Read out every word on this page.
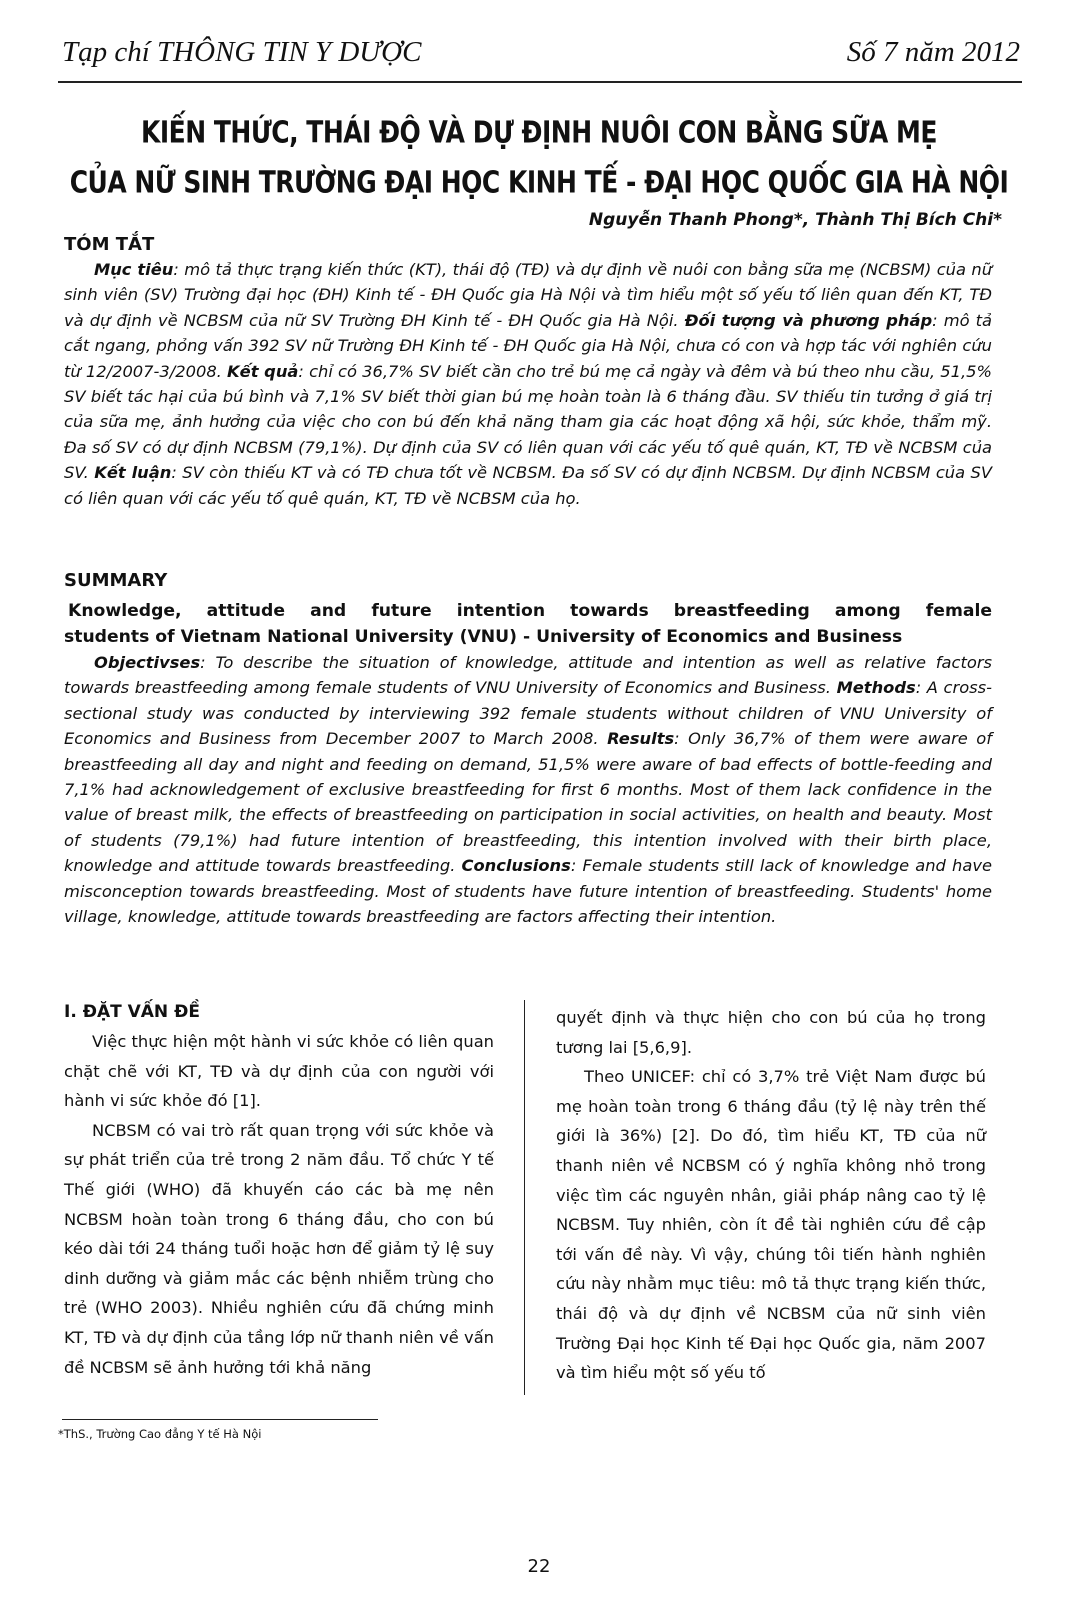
Tạp chí THÔNG TIN Y DƯỢC	Số 7 năm 2012
KIẾN THỨC, THÁI ĐỘ VÀ DỰ ĐỊNH NUÔI CON BẰNG SỮA MẸ
CỦA NỮ SINH TRƯỜNG ĐẠI HỌC KINH TẾ - ĐẠI HỌC QUỐC GIA HÀ NỘI
Nguyễn Thanh Phong*, Thành Thị Bích Chi*
TÓM TẮT

Mục tiêu: mô tả thực trạng kiến thức (KT), thái độ (TĐ) và dự định về nuôi con bằng sữa mẹ (NCBSM) của nữ sinh viên (SV) Trường đại học (ĐH) Kinh tế - ĐH Quốc gia Hà Nội và tìm hiểu một số yếu tố liên quan đến KT, TĐ và dự định về NCBSM của nữ SV Trường ĐH Kinh tế - ĐH Quốc gia Hà Nội. Đối tượng và phương pháp: mô tả cắt ngang, phỏng vấn 392 SV nữ Trường ĐH Kinh tế - ĐH Quốc gia Hà Nội, chưa có con và hợp tác với nghiên cứu từ 12/2007-3/2008. Kết quả: chỉ có 36,7% SV biết cần cho trẻ bú mẹ cả ngày và đêm và bú theo nhu cầu, 51,5% SV biết tác hại của bú bình và 7,1% SV biết thời gian bú mẹ hoàn toàn là 6 tháng đầu. SV thiếu tin tưởng ở giá trị của sữa mẹ, ảnh hưởng của việc cho con bú đến khả năng tham gia các hoạt động xã hội, sức khỏe, thẩm mỹ. Đa số SV có dự định NCBSM (79,1%). Dự định của SV có liên quan với các yếu tố quê quán, KT, TĐ về NCBSM của SV. Kết luận: SV còn thiếu KT và có TĐ chưa tốt về NCBSM. Đa số SV có dự định NCBSM. Dự định NCBSM của SV có liên quan với các yếu tố quê quán, KT, TĐ về NCBSM của họ.

SUMMARY
Knowledge, attitude and future intention towards breastfeeding among female
students of Vietnam National University (VNU) - University of Economics and Business

Objectivses: To describe the situation of knowledge, attitude and intention as well as relative factors towards breastfeeding among female students of VNU University of Economics and Business. Methods: A cross-sectional study was conducted by interviewing 392 female students without children of VNU University of Economics and Business from December 2007 to March 2008. Results: Only 36,7% of them were aware of breastfeeding all day and night and feeding on demand, 51,5% were aware of bad effects of bottle-feeding and 7,1% had acknowledgement of exclusive breastfeeding for first 6 months. Most of them lack confidence in the value of breast milk, the effects of breastfeeding on participation in social activities, on health and beauty. Most of students (79,1%) had future intention of breastfeeding, this intention involved with their birth place, knowledge and attitude towards breastfeeding. Conclusions: Female students still lack of knowledge and have misconception towards breastfeeding. Most of students have future intention of breastfeeding. Students' home village, knowledge, attitude towards breastfeeding are factors affecting their intention.

I. ĐẶT VẤN ĐỀ

Việc thực hiện một hành vi sức khỏe có liên quan chặt chẽ với KT, TĐ và dự định của con người với hành vi sức khỏe đó [1].

NCBSM có vai trò rất quan trọng với sức khỏe và sự phát triển của trẻ trong 2 năm đầu. Tổ chức Y tế Thế giới (WHO) đã khuyến cáo các bà mẹ nên NCBSM hoàn toàn trong 6 tháng đầu, cho con bú kéo dài tới 24 tháng tuổi hoặc hơn để giảm tỷ lệ suy dinh dưỡng và giảm mắc các bệnh nhiễm trùng cho trẻ (WHO 2003). Nhiều nghiên cứu đã chứng minh KT, TĐ và dự định của tầng lớp nữ thanh niên về vấn đề NCBSM sẽ ảnh hưởng tới khả năng

quyết định và thực hiện cho con bú của họ trong tương lai [5,6,9].

Theo UNICEF: chỉ có 3,7% trẻ Việt Nam được bú mẹ hoàn toàn trong 6 tháng đầu (tỷ lệ này trên thế giới là 36%) [2]. Do đó, tìm hiểu KT, TĐ của nữ thanh niên về NCBSM có ý nghĩa không nhỏ trong việc tìm các nguyên nhân, giải pháp nâng cao tỷ lệ NCBSM. Tuy nhiên, còn ít đề tài nghiên cứu đề cập tới vấn đề này. Vì vậy, chúng tôi tiến hành nghiên cứu này nhằm mục tiêu: mô tả thực trạng kiến thức, thái độ và dự định về NCBSM của nữ sinh viên Trường Đại học Kinh tế Đại học Quốc gia, năm 2007 và tìm hiểu một số yếu tố

*ThS., Trường Cao đẳng Y tế Hà Nội
22
